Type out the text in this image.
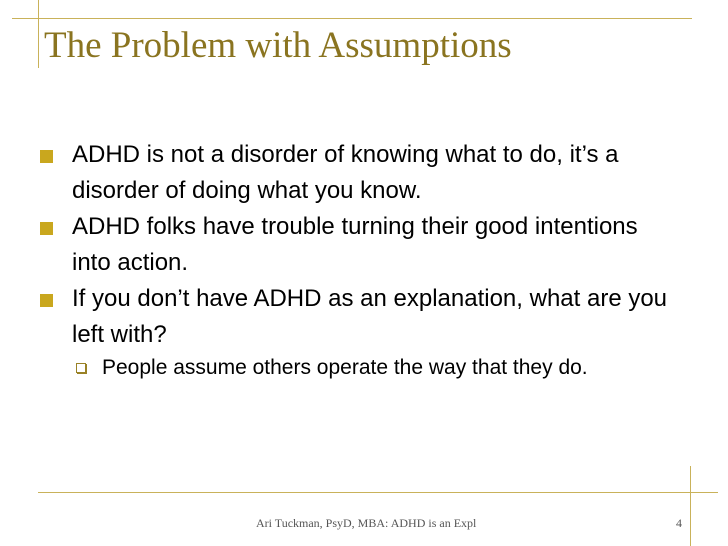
The Problem with Assumptions
ADHD is not a disorder of knowing what to do, it’s a disorder of doing what you know.
ADHD folks have trouble turning their good intentions into action.
If you don’t have ADHD as an explanation, what are you left with?
People assume others operate the way that they do.
Ari Tuckman, PsyD, MBA: ADHD is an Expl	4
